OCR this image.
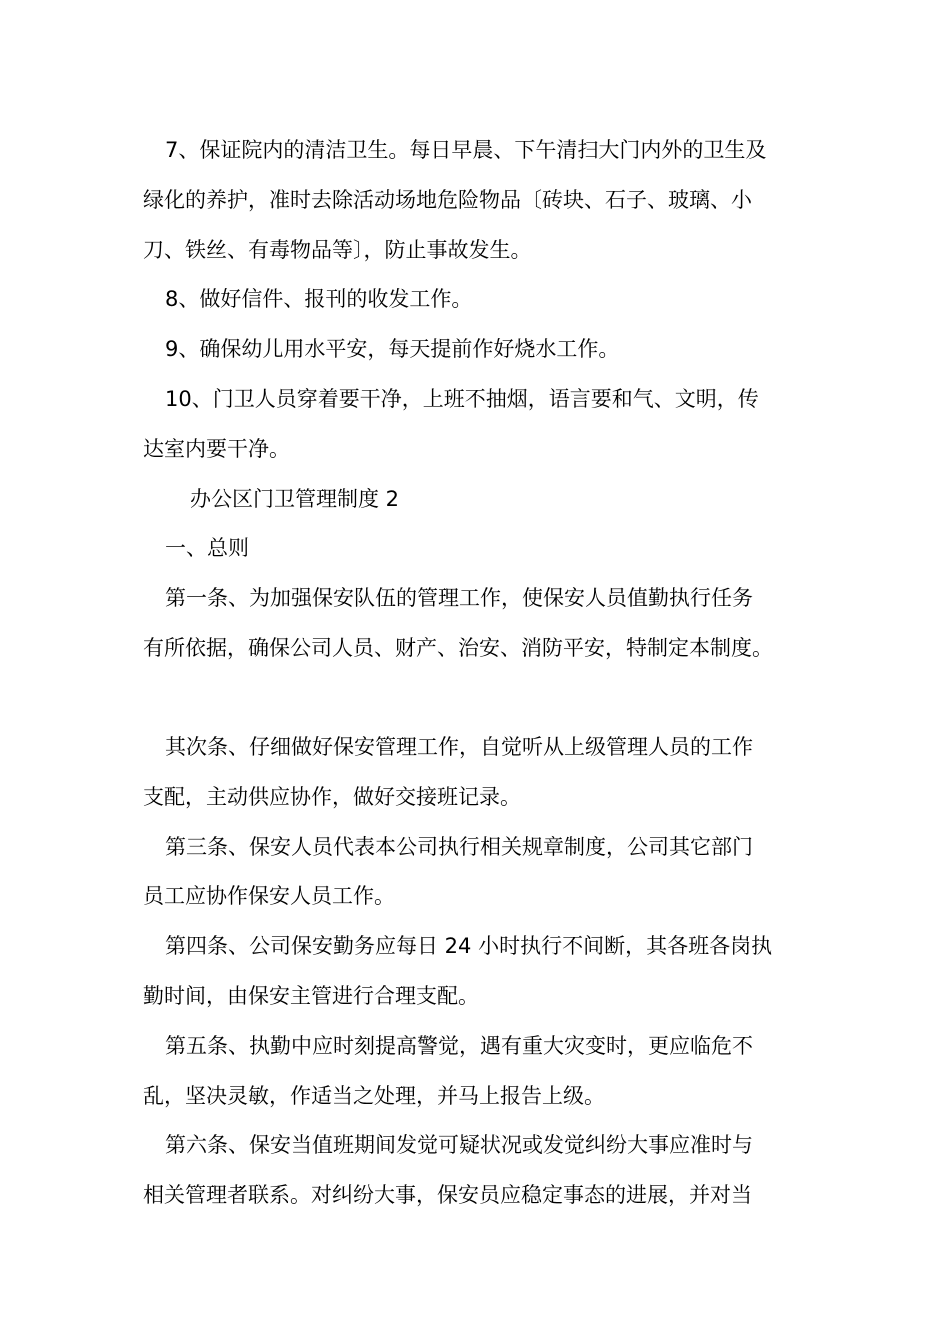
7、保证院内的清洁卫生。每日早晨、下午清扫大门内外的卫生及
绿化的养护，准时去除活动场地危险物品〔砖块、石子、玻璃、小
刀、铁丝、有毒物品等〕，防止事故发生。
8、做好信件、报刊的收发工作。
9、确保幼儿用水平安，每天提前作好烧水工作。
10、门卫人员穿着要干净，上班不抽烟，语言要和气、文明，传
达室内要干净。
办公区门卫管理制度 2
一、总则
第一条、为加强保安队伍的管理工作，使保安人员值勤执行任务
有所依据，确保公司人员、财产、治安、消防平安，特制定本制度。
其次条、仔细做好保安管理工作，自觉听从上级管理人员的工作
支配，主动供应协作，做好交接班记录。
第三条、保安人员代表本公司执行相关规章制度，公司其它部门
员工应协作保安人员工作。
第四条、公司保安勤务应每日 24 小时执行不间断，其各班各岗执
勤时间，由保安主管进行合理支配。
第五条、执勤中应时刻提高警觉，遇有重大灾变时，更应临危不
乱，坚决灵敏，作适当之处理，并马上报告上级。
第六条、保安当值班期间发觉可疑状况或发觉纠纷大事应准时与
相关管理者联系。对纠纷大事，保安员应稳定事态的进展，并对当
